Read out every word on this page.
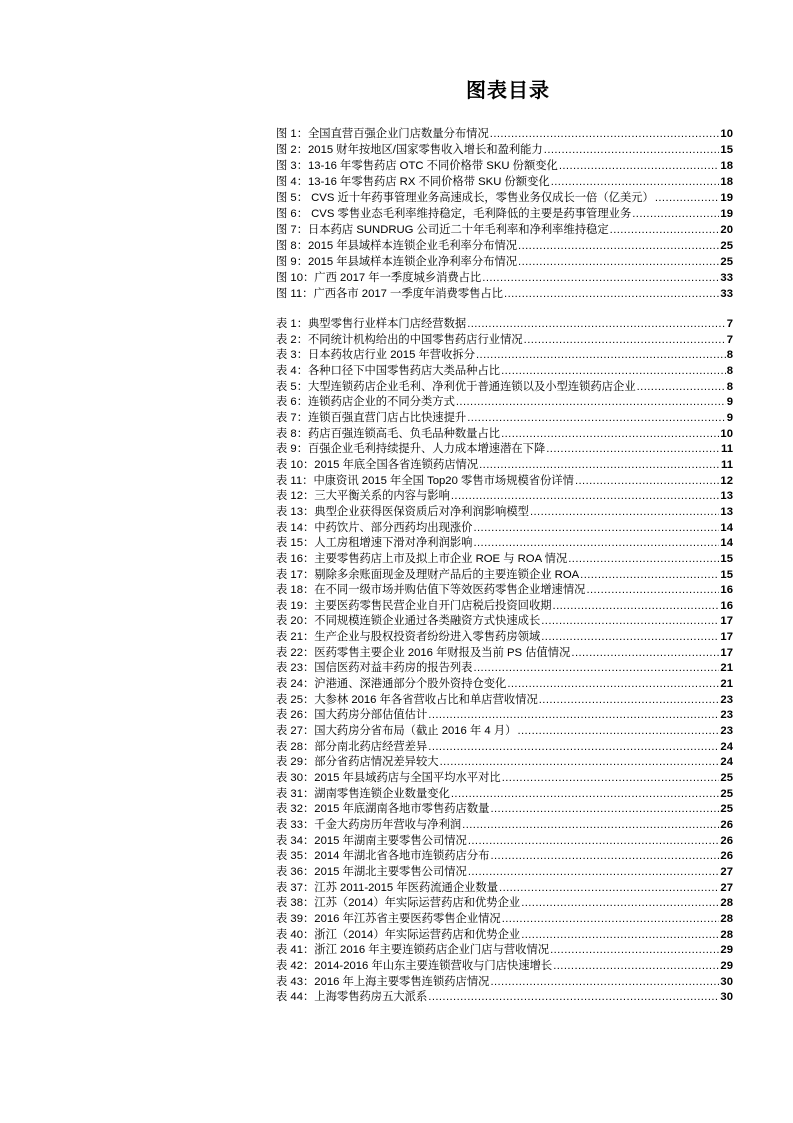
图表目录
图 1：全国直营百强企业门店数量分布情况 .....	10
图 2：2015 财年按地区/国家零售收入增长和盈利能力 .....	15
图 3：13-16 年零售药店 OTC 不同价格带 SKU 份额变化 .....	18
图 4：13-16 年零售药店 RX 不同价格带 SKU 份额变化 .....	18
图 5： CVS 近十年药事管理业务高速成长，零售业务仅成长一倍（亿美元） .....	19
图 6： CVS 零售业态毛利率维持稳定，毛利降低的主要是药事管理业务 .....	19
图 7：日本药店 SUNDRUG 公司近二十年毛利率和净利率维持稳定 .....	20
图 8：2015 年县域样本连锁企业毛利率分布情况 .....	25
图 9：2015 年县域样本连锁企业净利率分布情况 .....	25
图 10：广西 2017 年一季度城乡消费占比 .....	33
图 11：广西各市 2017 一季度年消费零售占比 .....	33
表 1：典型零售行业样本门店经营数据 .....	7
表 2：不同统计机构给出的中国零售药店行业情况 .....	7
表 3：日本药妆店行业 2015 年营收拆分 .....	8
表 4：各种口径下中国零售药店大类品种占比 .....	8
表 5：大型连锁药店企业毛利、净利优于普通连锁以及小型连锁药店企业 .....	8
表 6：连锁药店企业的不同分类方式 .....	9
表 7：连锁百强直营门店占比快速提升 .....	9
表 8：药店百强连锁高毛、负毛品种数量占比 .....	10
表 9：百强企业毛利持续提升、人力成本增速潜在下降 .....	11
表 10：2015 年底全国各省连锁药店情况 .....	11
表 11：中康资讯 2015 年全国 Top20 零售市场规模省份详情 .....	12
表 12：三大平衡关系的内容与影响 .....	13
表 13：典型企业获得医保资质后对净利润影响模型 .....	13
表 14：中药饮片、部分西药均出现涨价 .....	14
表 15：人工房租增速下滑对净利润影响 .....	14
表 16：主要零售药店上市及拟上市企业 ROE 与 ROA 情况 .....	15
表 17：剔除多余账面现金及理财产品后的主要连锁企业 ROA .....	15
表 18：在不同一级市场并购估值下等效医药零售企业增速情况 .....	16
表 19：主要医药零售民营企业自开门店税后投资回收期 .....	16
表 20：不同规模连锁企业通过各类融资方式快速成长 .....	17
表 21：生产企业与股权投资者纷纷进入零售药房领域 .....	17
表 22：医药零售主要企业 2016 年财报及当前 PS 估值情况 .....	17
表 23：国信医药对益丰药房的报告列表 .....	21
表 24：沪港通、深港通部分个股外资持仓变化 .....	21
表 25：大参林 2016 年各省营收占比和单店营收情况 .....	23
表 26：国大药房分部估值估计 .....	23
表 27：国大药房分省布局（截止 2016 年 4 月） .....	23
表 28：部分南北药店经营差异 .....	24
表 29：部分省药店情况差异较大 .....	24
表 30：2015 年县域药店与全国平均水平对比 .....	25
表 31：湖南零售连锁企业数量变化 .....	25
表 32：2015 年底湖南各地市零售药店数量 .....	25
表 33：千金大药房历年营收与净利润 .....	26
表 34：2015 年湖南主要零售公司情况 .....	26
表 35：2014 年湖北省各地市连锁药店分布 .....	26
表 36：2015 年湖北主要零售公司情况 .....	27
表 37：江苏 2011-2015 年医药流通企业数量 .....	27
表 38：江苏（2014）年实际运营药店和优势企业 .....	28
表 39：2016 年江苏省主要医药零售企业情况 .....	28
表 40：浙江（2014）年实际运营药店和优势企业 .....	28
表 41：浙江 2016 年主要连锁药店企业门店与营收情况 .....	29
表 42：2014-2016 年山东主要连锁营收与门店快速增长 .....	29
表 43：2016 年上海主要零售连锁药店情况 .....	30
表 44：上海零售药房五大派系 .....	30
